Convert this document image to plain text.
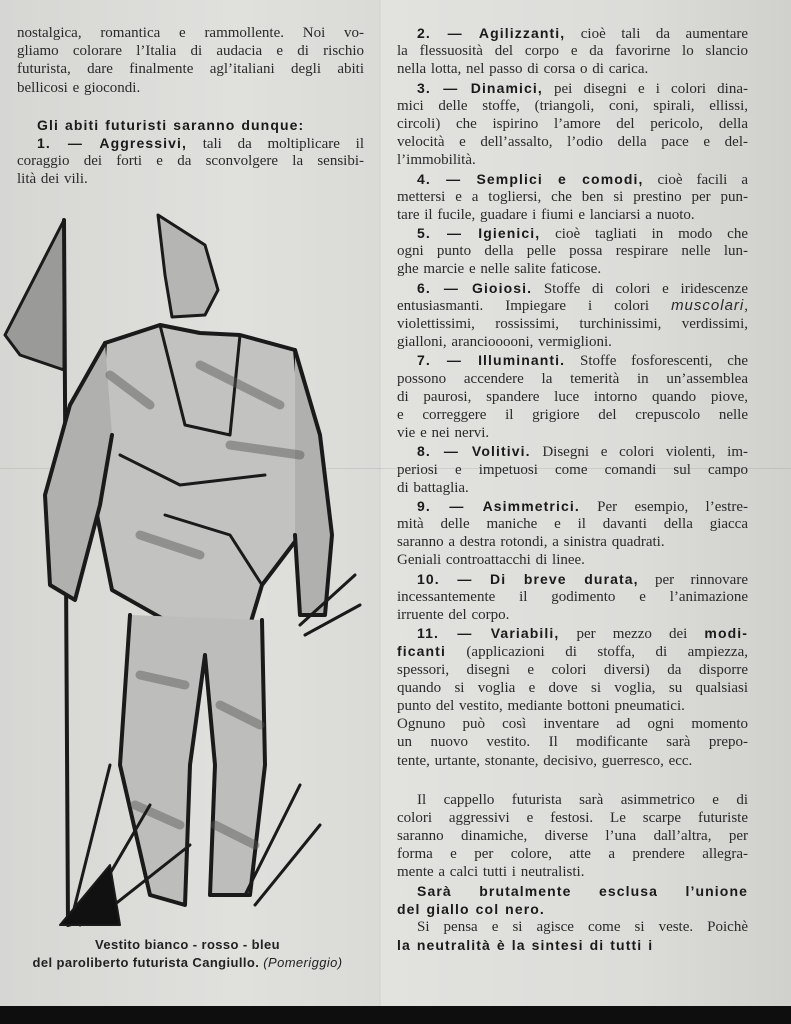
nostalgica, romantica e rammollente. Noi vo-
gliamo colorare l’Italia di audacia e di rischio
futurista, dare finalmente agl’italiani degli abiti
bellicosi e giocondi.
Gli abiti futuristi saranno dunque:
1. — Aggressivi, tali da moltiplicare il
coraggio dei forti e da sconvolgere la sensibi-
lità dei vili.
2. — Agilizzanti, cioè tali da aumentare
la flessuosità del corpo e da favorirne lo slancio
nella lotta, nel passo di corsa o di carica.
3. — Dinamici, pei disegni e i colori dina-
mici delle stoffe, (triangoli, coni, spirali, ellissi,
circoli) che ispirino l’amore del pericolo, della
velocità e dell’assalto, l’odio della pace e del-
l’immobilità.
4. — Semplici e comodi, cioè facili a
mettersi e a togliersi, che ben si prestino per pun-
tare il fucile, guadare i fiumi e lanciarsi a nuoto.
5. — Igienici, cioè tagliati in modo che
ogni punto della pelle possa respirare nelle lun-
ghe marcie e nelle salite faticose.
6. — Gioiosi. Stoffe di colori e iridescenze
entusiasmanti. Impiegare i colori muscolari,
violettissimi, rossissimi, turchinissimi, verdissimi,
gialloni, aranciooooni, vermiglioni.
7. — Illuminanti. Stoffe fosforescenti, che
possono accendere la temerità in un’assemblea
di paurosi, spandere luce intorno quando piove,
e correggere il grigiore del crepuscolo nelle
vie e nei nervi.
8. — Volitivi. Disegni e colori violenti, im-
periosi e impetuosi come comandi sul campo
di battaglia.
9. — Asimmetrici. Per esempio, l’estre-
mità delle maniche e il davanti della giacca
saranno a destra rotondi, a sinistra quadrati.
Geniali controattacchi di linee.
10. — Di breve durata, per rinnovare
incessantemente il godimento e l’animazione
irruente del corpo.
11. — Variabili, per mezzo dei modi-
ficanti (applicazioni di stoffa, di ampiezza,
spessori, disegni e colori diversi) da disporre
quando si voglia e dove si voglia, su qualsiasi
punto del vestito, mediante bottoni pneumatici.
Ognuno può così inventare ad ogni momento
un nuovo vestito. Il modificante sarà prepo-
tente, urtante, stonante, decisivo, guerresco, ecc.
Il cappello futurista sarà asimmetrico e di
colori aggressivi e festosi. Le scarpe futuriste
saranno dinamiche, diverse l’una dall’altra, per
forma e per colore, atte a prendere allegra-
mente a calci tutti i neutralisti.
Sarà brutalmente esclusa l’unione
del giallo col nero.
Si pensa e si agisce come si veste. Poichè
la neutralità è la sintesi di tutti i
Vestito bianco - rosso - bleu
del paroliberto futurista Cangiullo. (Pomeriggio)
